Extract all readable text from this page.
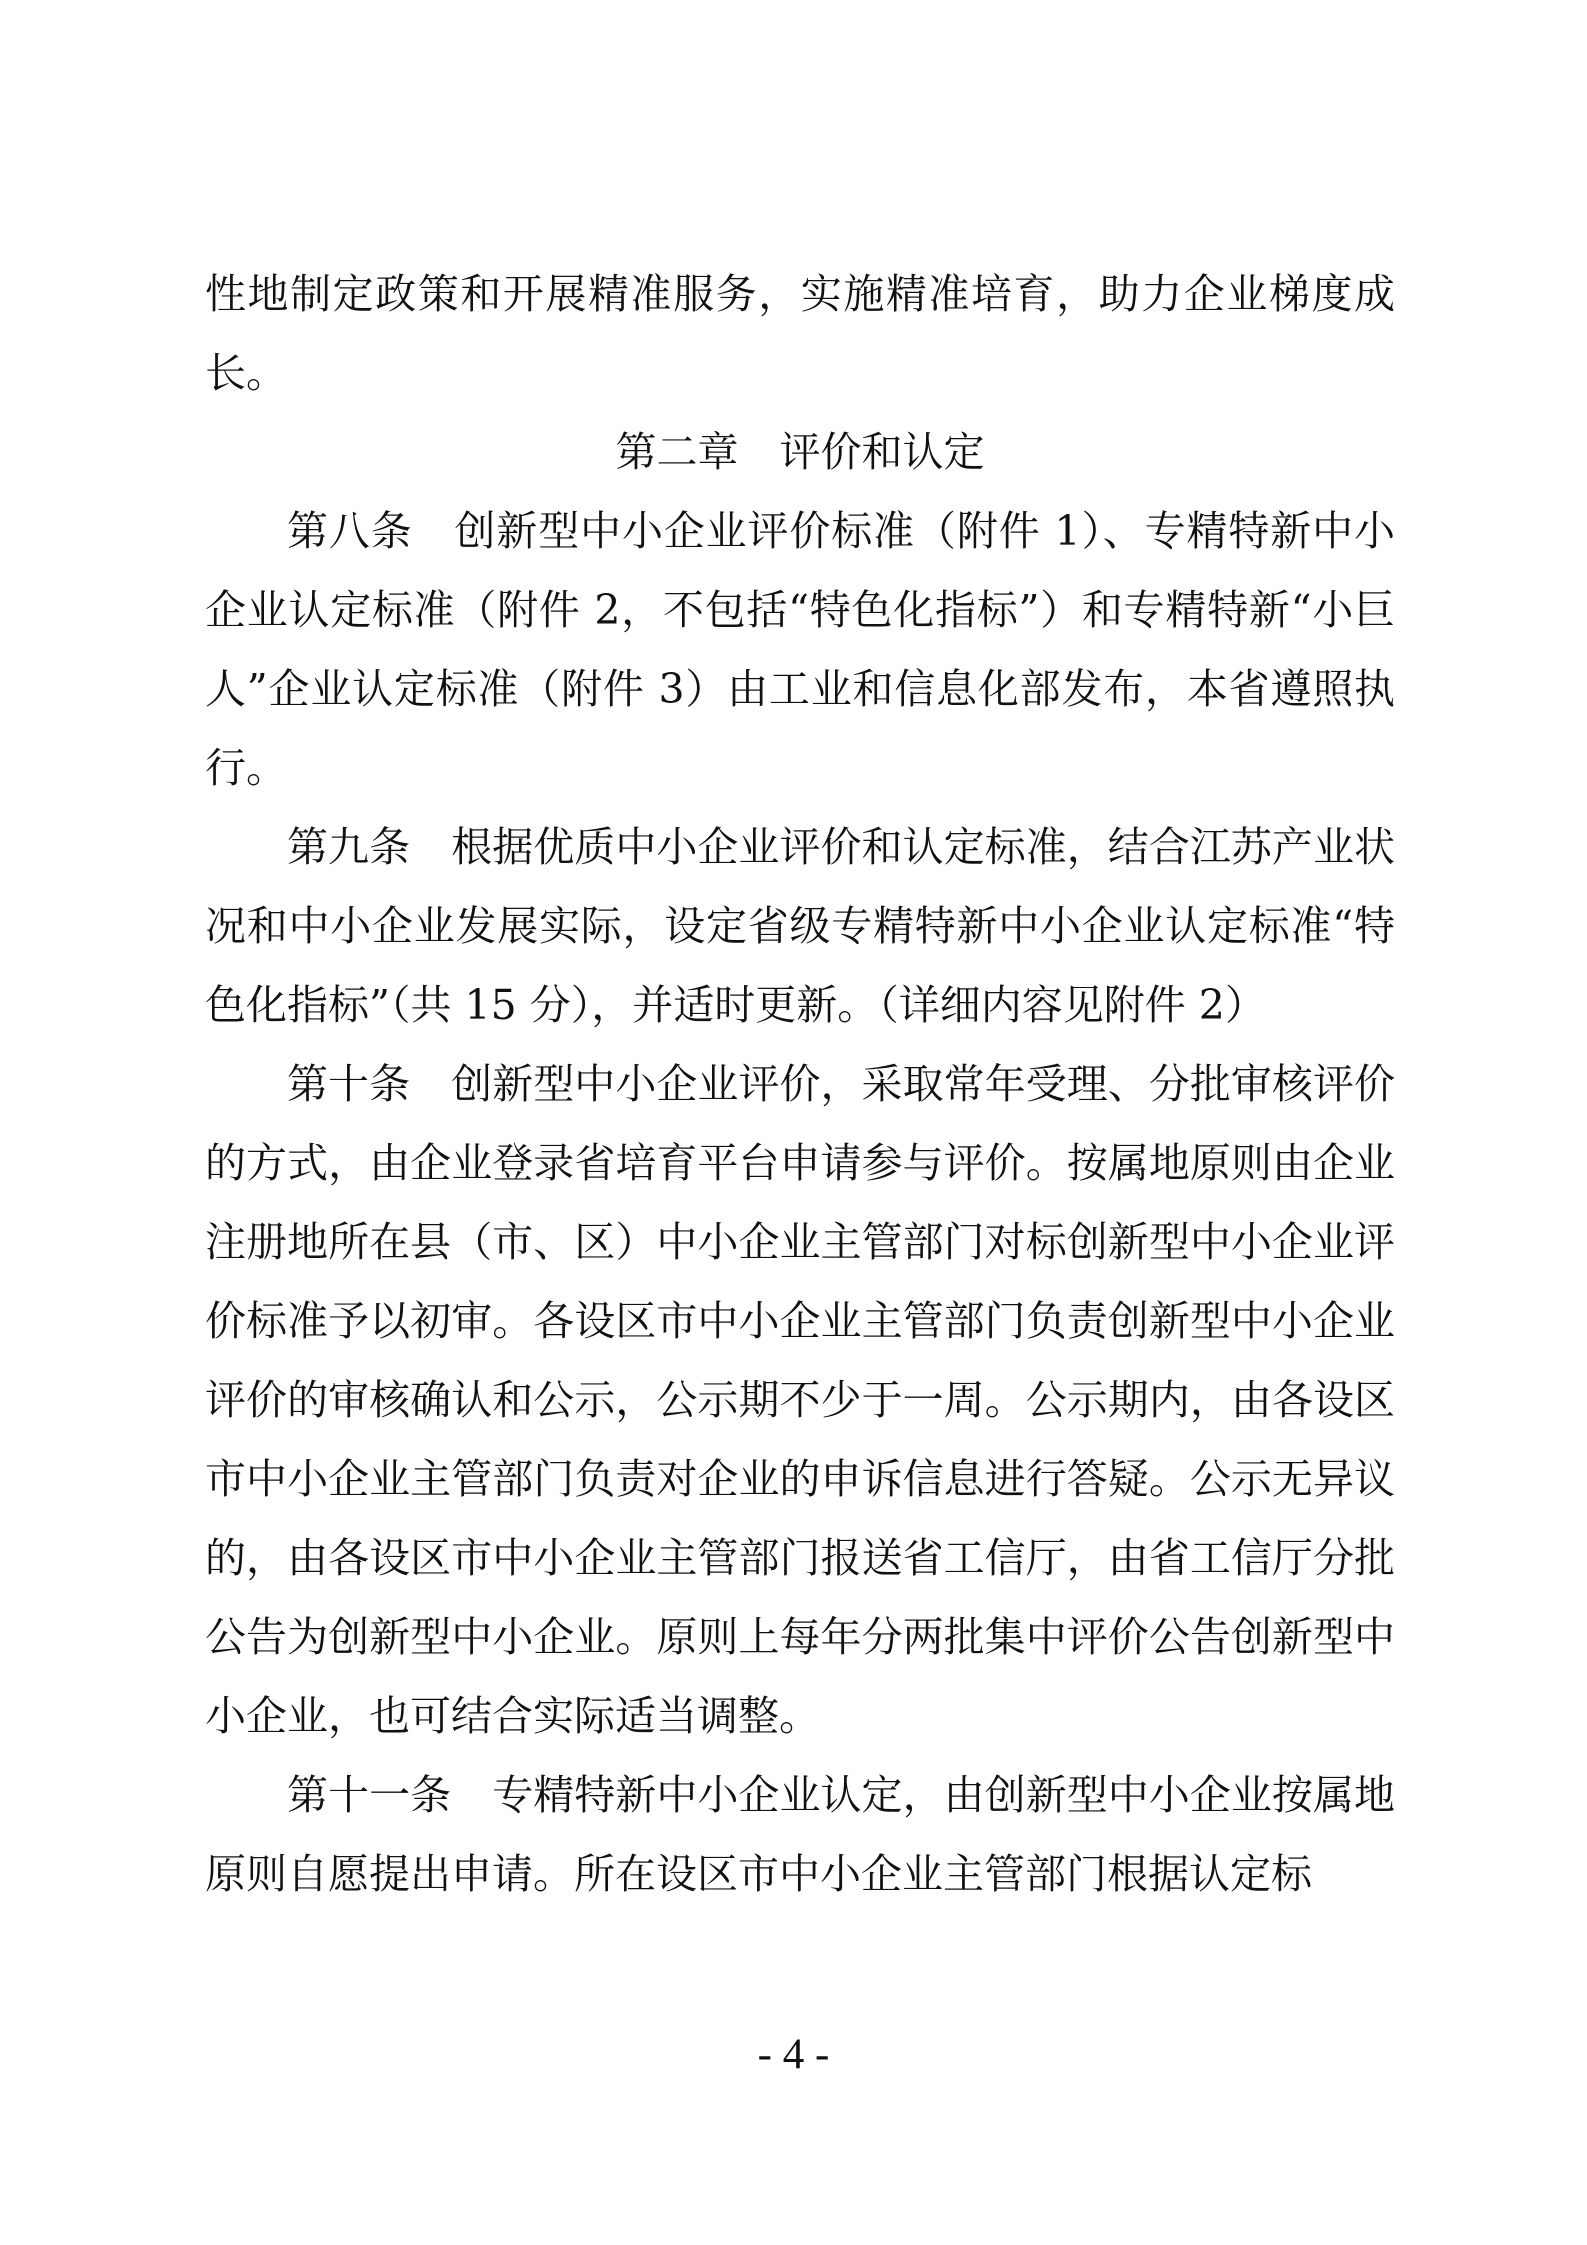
性地制定政策和开展精准服务，实施精准培育，助力企业梯度成长。

第二章 评价和认定

第八条 创新型中小企业评价标准（附件 1）、专精特新中小企业认定标准（附件 2，不包括“特色化指标”）和专精特新“小巨人”企业认定标准（附件 3）由工业和信息化部发布，本省遵照执行。

第九条 根据优质中小企业评价和认定标准，结合江苏产业状况和中小企业发展实际，设定省级专精特新中小企业认定标准“特色化指标”（共 15 分），并适时更新。（详细内容见附件 2）

第十条 创新型中小企业评价，采取常年受理、分批审核评价的方式，由企业登录省培育平台申请参与评价。按属地原则由企业注册地所在县（市、区）中小企业主管部门对标创新型中小企业评价标准予以初审。各设区市中小企业主管部门负责创新型中小企业评价的审核确认和公示，公示期不少于一周。公示期内，由各设区市中小企业主管部门负责对企业的申诉信息进行答疑。公示无异议的，由各设区市中小企业主管部门报送省工信厅，由省工信厅分批公告为创新型中小企业。原则上每年分两批集中评价公告创新型中小企业，也可结合实际适当调整。

第十一条 专精特新中小企业认定，由创新型中小企业按属地原则自愿提出申请。所在设区市中小企业主管部门根据认定标

- 4 -
